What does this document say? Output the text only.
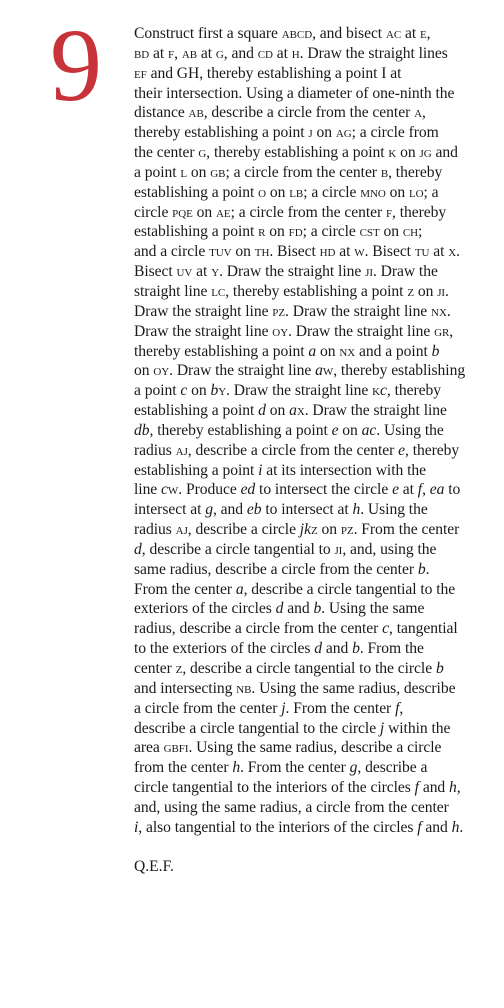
9 Construct first a square abcd, and bisect ac at e,
bd at f, ab at g, and cd at h. Draw the straight lines
ef and GH, thereby establishing a point I at
their intersection. Using a diameter of one-ninth the
distance ab, describe a circle from the center a,
thereby establishing a point j on ag; a circle from
the center g, thereby establishing a point k on jg and
a point l on gb; a circle from the center b, thereby
establishing a point o on lb; a circle mno on lo; a
circle pqe on ae; a circle from the center f, thereby
establishing a point r on fd; a circle cst on ch;
and a circle tuv on th. Bisect hd at w. Bisect tu at x.
Bisect uv at y. Draw the straight line ji. Draw the
straight line lc, thereby establishing a point z on ji.
Draw the straight line pz. Draw the straight line nx.
Draw the straight line oy. Draw the straight line gr,
thereby establishing a point a on nx and a point b
on oy. Draw the straight line aw, thereby establishing
a point c on by. Draw the straight line kc, thereby
establishing a point d on ax. Draw the straight line
db, thereby establishing a point e on ac. Using the
radius aj, describe a circle from the center e, thereby
establishing a point i at its intersection with the
line cw. Produce ed to intersect the circle e at f, ea to
intersect at g, and eb to intersect at h. Using the
radius aj, describe a circle jkz on pz. From the center
d, describe a circle tangential to ji, and, using the
same radius, describe a circle from the center b.
From the center a, describe a circle tangential to the
exteriors of the circles d and b. Using the same
radius, describe a circle from the center c, tangential
to the exteriors of the circles d and b. From the
center z, describe a circle tangential to the circle b
and intersecting nb. Using the same radius, describe
a circle from the center j. From the center f,
describe a circle tangential to the circle j within the
area gbfi. Using the same radius, describe a circle
from the center h. From the center g, describe a
circle tangential to the interiors of the circles f and h,
and, using the same radius, a circle from the center
i, also tangential to the interiors of the circles f and h.
Q.E.F.
